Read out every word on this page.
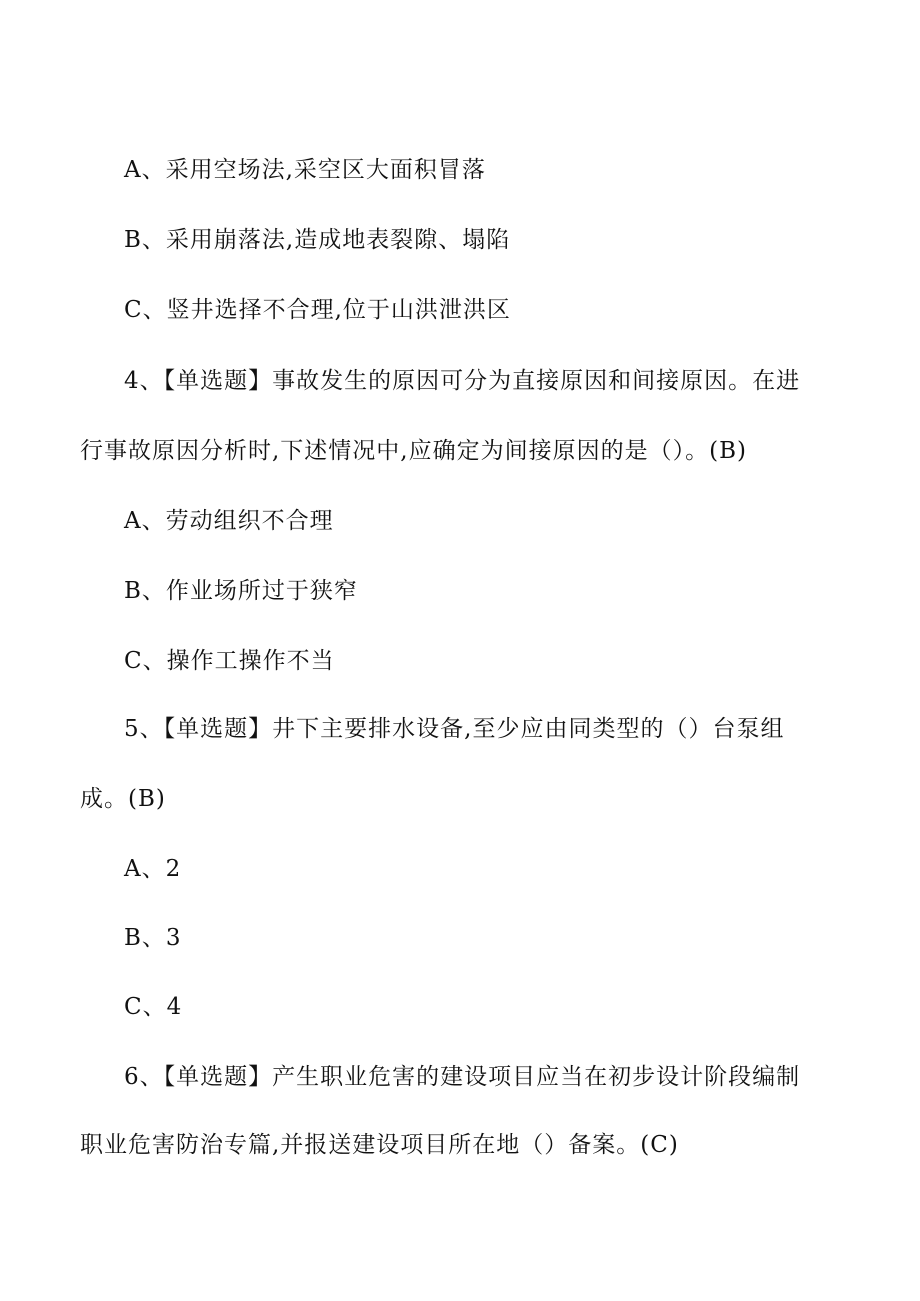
A、采用空场法,采空区大面积冒落
B、采用崩落法,造成地表裂隙、塌陷
C、竖井选择不合理,位于山洪泄洪区
4、【单选题】事故发生的原因可分为直接原因和间接原因。在进
行事故原因分析时,下述情况中,应确定为间接原因的是（）。(B)
A、劳动组织不合理
B、作业场所过于狭窄
C、操作工操作不当
5、【单选题】井下主要排水设备,至少应由同类型的（）台泵组
成。(B)
A、2
B、3
C、4
6、【单选题】产生职业危害的建设项目应当在初步设计阶段编制
职业危害防治专篇,并报送建设项目所在地（）备案。(C)
